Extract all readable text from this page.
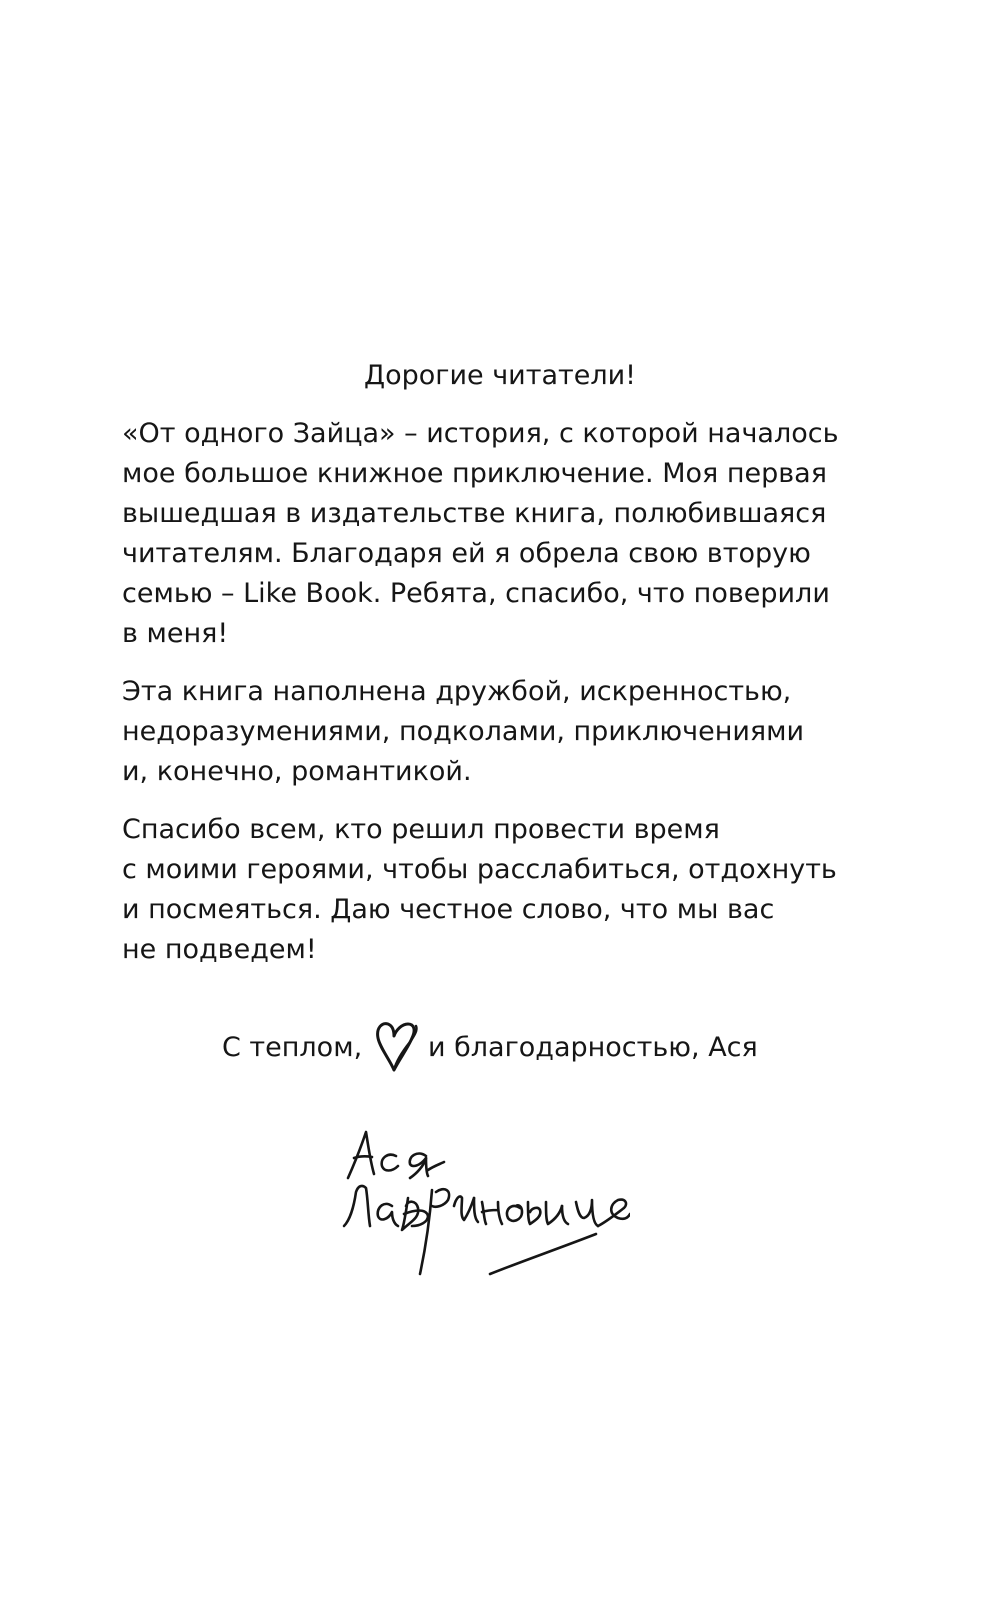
Дорогие читатели!
«От одного Зайца» – история, с которой началось
мое большое книжное приключение. Моя первая
вышедшая в издательстве книга, полюбившаяся
читателям. Благодаря ей я обрела свою вторую
семью – Like Book. Ребята, спасибо, что поверили
в меня!
Эта книга наполнена дружбой, искренностью,
недоразумениями, подколами, приключениями
и, конечно, романтикой.
Спасибо всем, кто решил провести время
с моими героями, чтобы расслабиться, отдохнуть
и посмеяться. Даю честное слово, что мы вас
не подведем!
С теплом, и благодарностью, Ася
